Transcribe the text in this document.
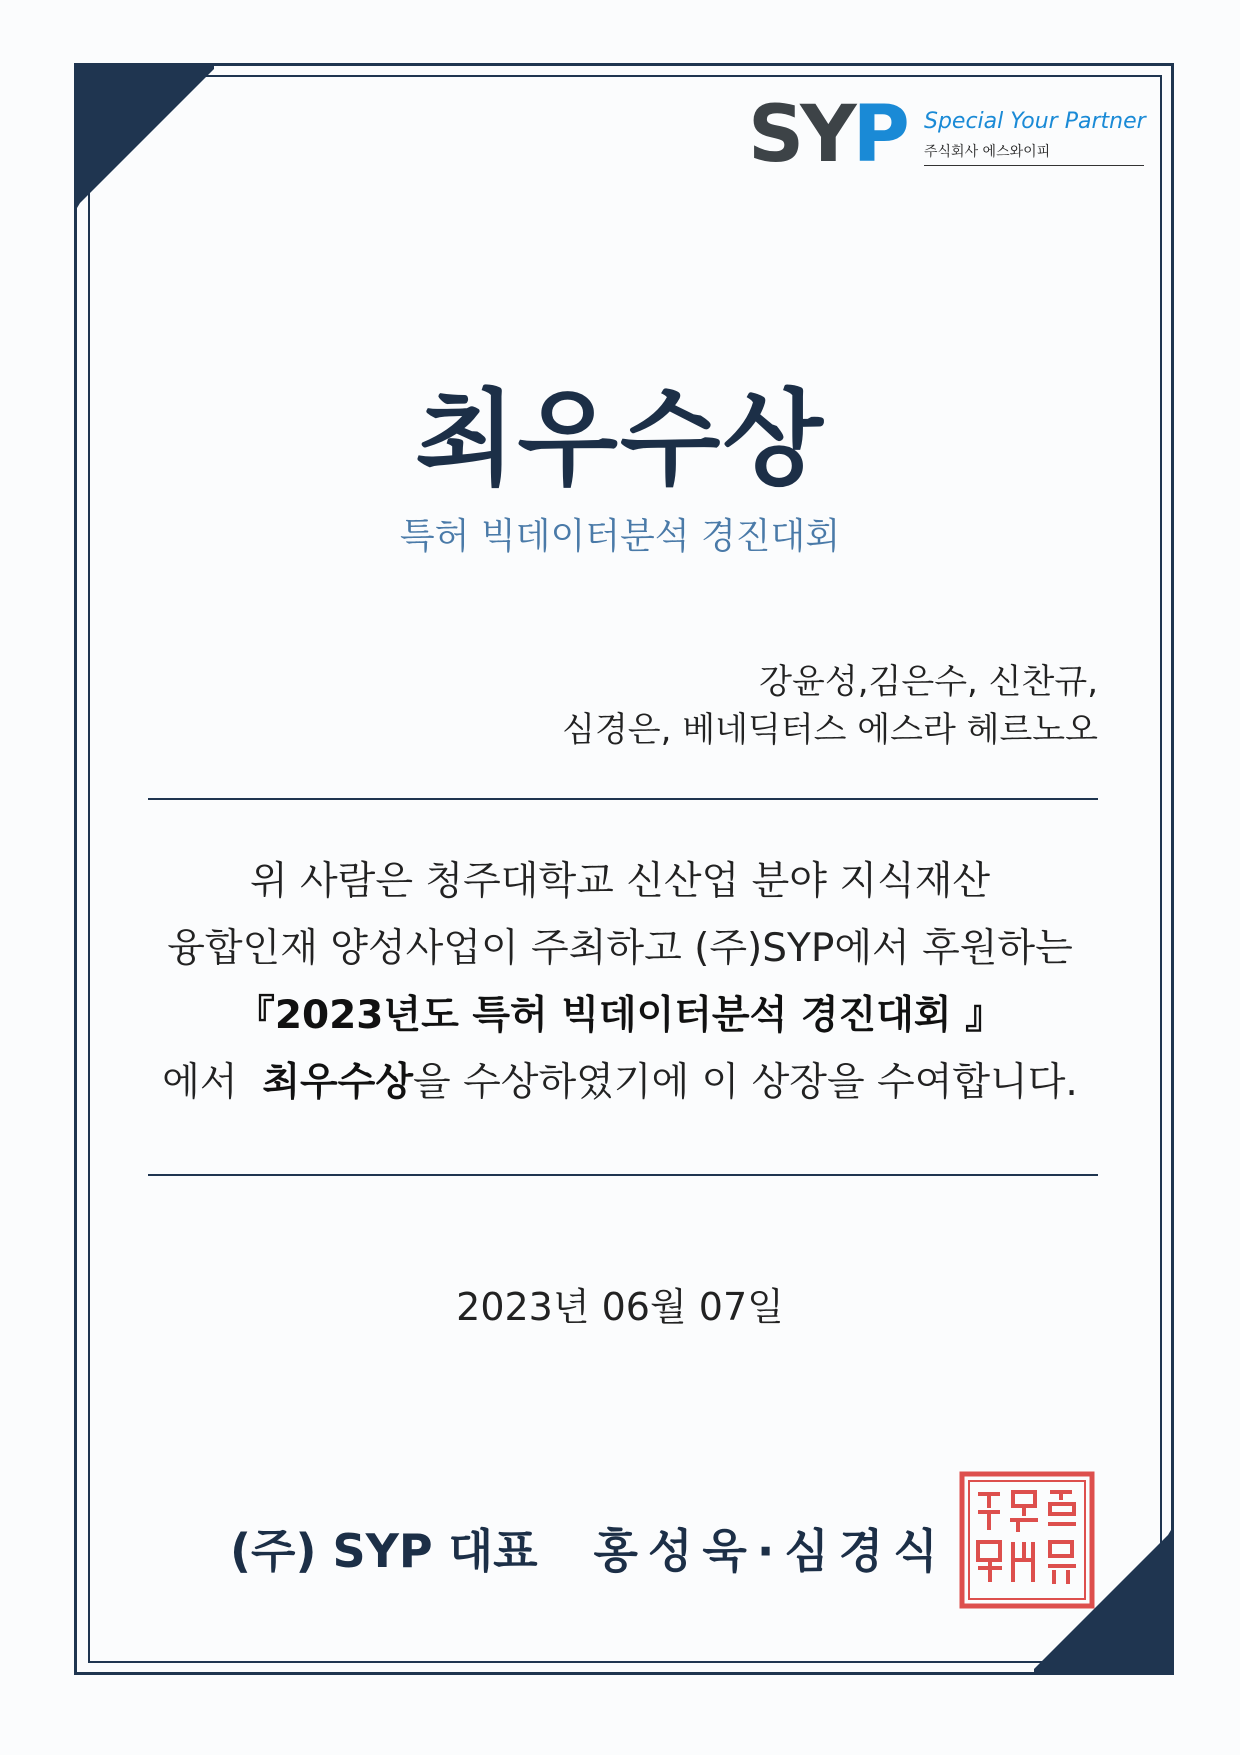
SYP Special Your Partner
주식회사 에스와이피
최우수상
특허 빅데이터분석 경진대회
강윤성,김은수, 신찬규,
심경은, 베네딕터스 에스라 헤르노오
위 사람은 청주대학교 신산업 분야 지식재산
융합인재 양성사업이 주최하고 (주)SYP에서 후원하는
『2023년도 특허 빅데이터분석 경진대회 』
에서 최우수상을 수상하였기에 이 상장을 수여합니다.
2023년 06월 07일
(주) SYP 대표 홍성욱·심경식
